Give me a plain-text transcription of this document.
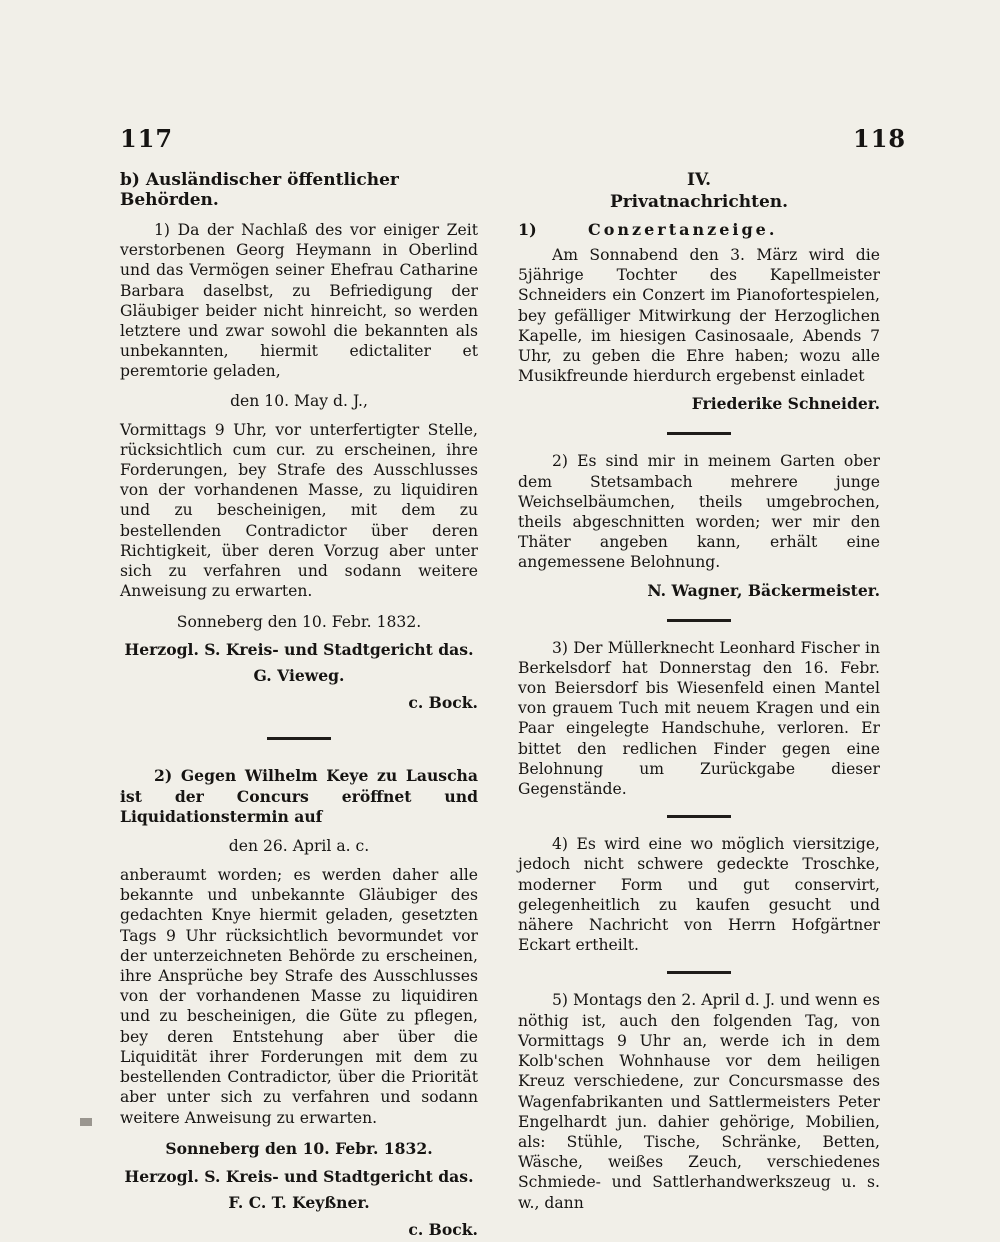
117	118

b) Ausländischer öffentlicher Behörden.

1) Da der Nachlaß des vor einiger Zeit verstorbenen Georg Heymann in Oberlind und das Vermögen seiner Ehefrau Catharine Barbara daselbst, zu Befriedigung der Gläubiger beider nicht hinreicht, so werden letztere und zwar sowohl die bekannten als unbekannten, hiermit edictaliter et peremtorie geladen,

den 10. May d. J.,

Vormittags 9 Uhr, vor unterfertigter Stelle, rücksichtlich cum cur. zu erscheinen, ihre Forderungen, bey Strafe des Ausschlusses von der vorhandenen Masse, zu liquidiren und zu bescheinigen, mit dem zu bestellenden Contradictor über deren Richtigkeit, über deren Vorzug aber unter sich zu verfahren und sodann weitere Anweisung zu erwarten.

Sonneberg den 10. Febr. 1832.

Herzogl. S. Kreis- und Stadtgericht das.

G. Vieweg.

c. Bock.

2) Gegen Wilhelm Keye zu Lauscha ist der Concurs eröffnet und Liquidationstermin auf

den 26. April a. c.

anberaumt worden; es werden daher alle bekannte und unbekannte Gläubiger des gedachten Knye hiermit geladen, gesetzten Tags 9 Uhr rücksichtlich bevormundet vor der unterzeichneten Behörde zu erscheinen, ihre Ansprüche bey Strafe des Ausschlusses von der vorhandenen Masse zu liquidiren und zu bescheinigen, die Güte zu pflegen, bey deren Entstehung aber über die Liquidität ihrer Forderungen mit dem zu bestellenden Contradictor, über die Priorität aber unter sich zu verfahren und sodann weitere Anweisung zu erwarten.

Sonneberg den 10. Febr. 1832.

Herzogl. S. Kreis- und Stadtgericht das.

F. C. T. Keyßner.

c. Bock.

IV.

Privatnachrichten.

1)	Conzertanzeige.

Am Sonnabend den 3. März wird die 5jährige Tochter des Kapellmeister Schneiders ein Conzert im Pianofortespielen, bey gefälliger Mitwirkung der Herzoglichen Kapelle, im hiesigen Casinosaale, Abends 7 Uhr, zu geben die Ehre haben; wozu alle Musikfreunde hierdurch ergebenst einladet

Friederike Schneider.

2) Es sind mir in meinem Garten ober dem Stetsambach mehrere junge Weichselbäumchen, theils umgebrochen, theils abgeschnitten worden; wer mir den Thäter angeben kann, erhält eine angemessene Belohnung.

N. Wagner, Bäckermeister.

3) Der Müllerknecht Leonhard Fischer in Berkelsdorf hat Donnerstag den 16. Febr. von Beiersdorf bis Wiesenfeld einen Mantel von grauem Tuch mit neuem Kragen und ein Paar eingelegte Handschuhe, verloren. Er bittet den redlichen Finder gegen eine Belohnung um Zurückgabe dieser Gegenstände.

4) Es wird eine wo möglich viersitzige, jedoch nicht schwere gedeckte Troschke, moderner Form und gut conservirt, gelegenheitlich zu kaufen gesucht und nähere Nachricht von Herrn Hofgärtner Eckart ertheilt.

5) Montags den 2. April d. J. und wenn es nöthig ist, auch den folgenden Tag, von Vormittags 9 Uhr an, werde ich in dem Kolb'schen Wohnhause vor dem heiligen Kreuz verschiedene, zur Concursmasse des Wagenfabrikanten und Sattlermeisters Peter Engelhardt jun. dahier gehörige, Mobilien, als: Stühle, Tische, Schränke, Betten, Wäsche, weißes Zeuch, verschiedenes Schmiede- und Sattlerhandwerkszeug u. s. w., dann
